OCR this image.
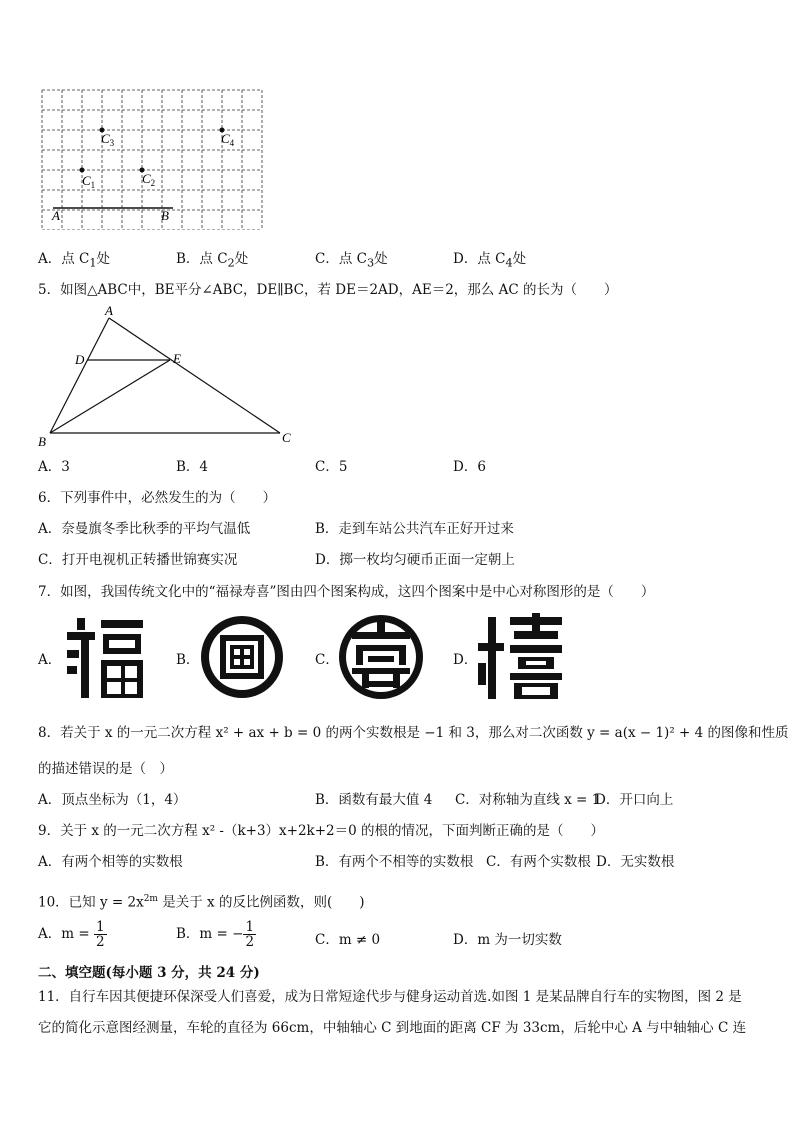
A	B
$C_1$	$C_2$
$C_3$	$C_4$
A．点 $C_1$处	B．点 $C_2$处	C．点 $C_3$处	D．点 $C_4$处
5．如图△ABC中，BE平分∠ABC，DE∥BC，若 DE＝2AD，AE＝2，那么 AC 的长为（　　）
A
D	E
B	C
A．3	B．4	C．5	D．6
6．下列事件中，必然发生的为（　　）
A．奈曼旗冬季比秋季的平均气温低	B．走到车站公共汽车正好开过来
C．打开电视机正转播世锦赛实况	D．掷一枚均匀硬币正面一定朝上
7．如图，我国传统文化中的“福禄寿喜”图由四个图案构成，这四个图案中是中心对称图形的是（　　）
A．	B．	C．	D．
8．若关于 x 的一元二次方程 x² + ax + b = 0 的两个实数根是 −1 和 3，那么对二次函数 y = a(x − 1)² + 4 的图像和性质
的描述错误的是（　）
A．顶点坐标为（1，4）	B．函数有最大值 4 C．对称轴为直线 x = 1
D．开口向上
9．关于 x 的一元二次方程 x² -（k+3）x+2k+2＝0 的根的情况，下面判断正确的是（　　）
A．有两个相等的实数根	B．有两个不相等的实数根 C．有两个实数根 D．无实数根
10．已知 $y = 2x^{2m}$ 是关于 x 的反比例函数，则(　　)
A．$m = \frac{1}{2}$	B．m = − $\frac{1}{2}$	C．m ≠ 0	D．m 为一切实数
二、填空题(每小题 3 分，共 24 分)
11．自行车因其便捷环保深受人们喜爱，成为日常短途代步与健身运动首选.如图 1 是某品牌自行车的实物图，图 2 是
它的简化示意图经测量，车轮的直径为 66cm，中轴轴心 C 到地面的距离 CF 为 33cm，后轮中心 A 与中轴轴心 C 连
